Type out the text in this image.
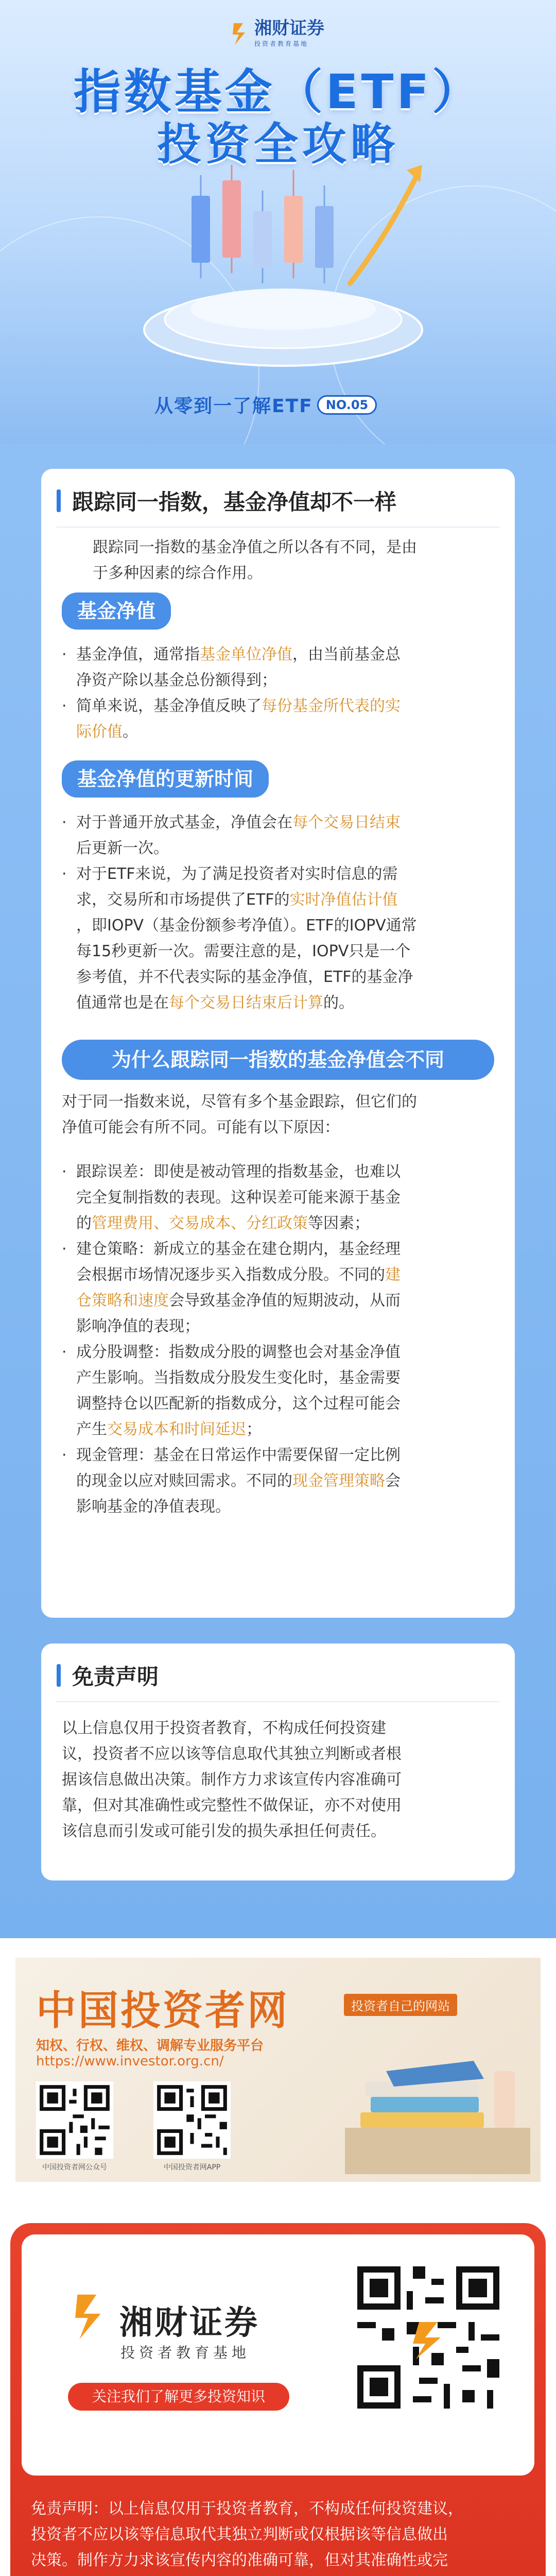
湘财证券
投资者教育基地
指数基金（ETF）
投资全攻略
从零到一了解ETF	NO.05
跟踪同一指数，基金净值却不一样
跟踪同一指数的基金净值之所以各有不同，是由
于多种因素的综合作用。
基金净值
· 基金净值，通常指基金单位净值，由当前基金总
净资产除以基金总份额得到；
· 简单来说，基金净值反映了每份基金所代表的实
际价值。
基金净值的更新时间
· 对于普通开放式基金，净值会在每个交易日结束
后更新一次。
· 对于ETF来说，为了满足投资者对实时信息的需
求，交易所和市场提供了ETF的实时净值估计值
，即IOPV（基金份额参考净值）。ETF的IOPV通常
每15秒更新一次。需要注意的是，IOPV只是一个
参考值，并不代表实际的基金净值，ETF的基金净
值通常也是在每个交易日结束后计算的。
为什么跟踪同一指数的基金净值会不同
对于同一指数来说，尽管有多个基金跟踪，但它们的
净值可能会有所不同。可能有以下原因：
· 跟踪误差：即使是被动管理的指数基金，也难以
完全复制指数的表现。这种误差可能来源于基金
的管理费用、交易成本、分红政策等因素；
· 建仓策略：新成立的基金在建仓期内，基金经理
会根据市场情况逐步买入指数成分股。不同的建
仓策略和速度会导致基金净值的短期波动，从而
影响净值的表现；
· 成分股调整：指数成分股的调整也会对基金净值
产生影响。当指数成分股发生变化时，基金需要
调整持仓以匹配新的指数成分，这个过程可能会
产生交易成本和时间延迟；
· 现金管理：基金在日常运作中需要保留一定比例
的现金以应对赎回需求。不同的现金管理策略会
影响基金的净值表现。
免责声明
以上信息仅用于投资者教育，不构成任何投资建
议，投资者不应以该等信息取代其独立判断或者根
据该信息做出决策。制作方力求该宣传内容准确可
靠，但对其准确性或完整性不做保证，亦不对使用
该信息而引发或可能引发的损失承担任何责任。
中国投资者网	投资者自己的网站
知权、行权、维权、调解专业服务平台
https://www.investor.org.cn/
中国投资者网公众号	中国投资者网APP
湘财证券
投资者教育基地
关注我们了解更多投资知识
免责声明：以上信息仅用于投资者教育，不构成任何投资建议，
投资者不应以该等信息取代其独立判断或仅根据该等信息做出
决策。制作方力求该宣传内容的准确可靠，但对其准确性或完
